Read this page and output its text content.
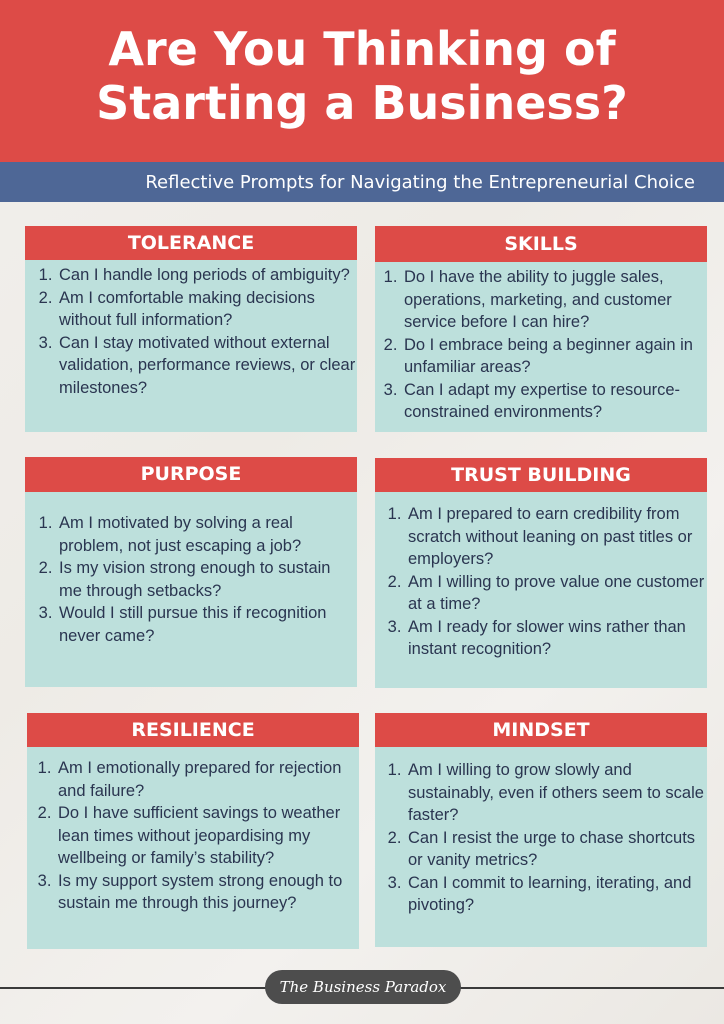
Are You Thinking of
Starting a Business?
Reflective Prompts for Navigating the Entrepreneurial Choice
TOLERANCE
1. Can I handle long periods of ambiguity?
2. Am I comfortable making decisions without full information?
3. Can I stay motivated without external validation, performance reviews, or clear milestones?
SKILLS
1. Do I have the ability to juggle sales, operations, marketing, and customer service before I can hire?
2. Do I embrace being a beginner again in unfamiliar areas?
3. Can I adapt my expertise to resource-constrained environments?
PURPOSE
1. Am I motivated by solving a real problem, not just escaping a job?
2. Is my vision strong enough to sustain me through setbacks?
3. Would I still pursue this if recognition never came?
TRUST BUILDING
1. Am I prepared to earn credibility from scratch without leaning on past titles or employers?
2. Am I willing to prove value one customer at a time?
3. Am I ready for slower wins rather than instant recognition?
RESILIENCE
1. Am I emotionally prepared for rejection and failure?
2. Do I have sufficient savings to weather lean times without jeopardising my wellbeing or family’s stability?
3. Is my support system strong enough to sustain me through this journey?
MINDSET
1. Am I willing to grow slowly and sustainably, even if others seem to scale faster?
2. Can I resist the urge to chase shortcuts or vanity metrics?
3. Can I commit to learning, iterating, and pivoting?
The Business Paradox
